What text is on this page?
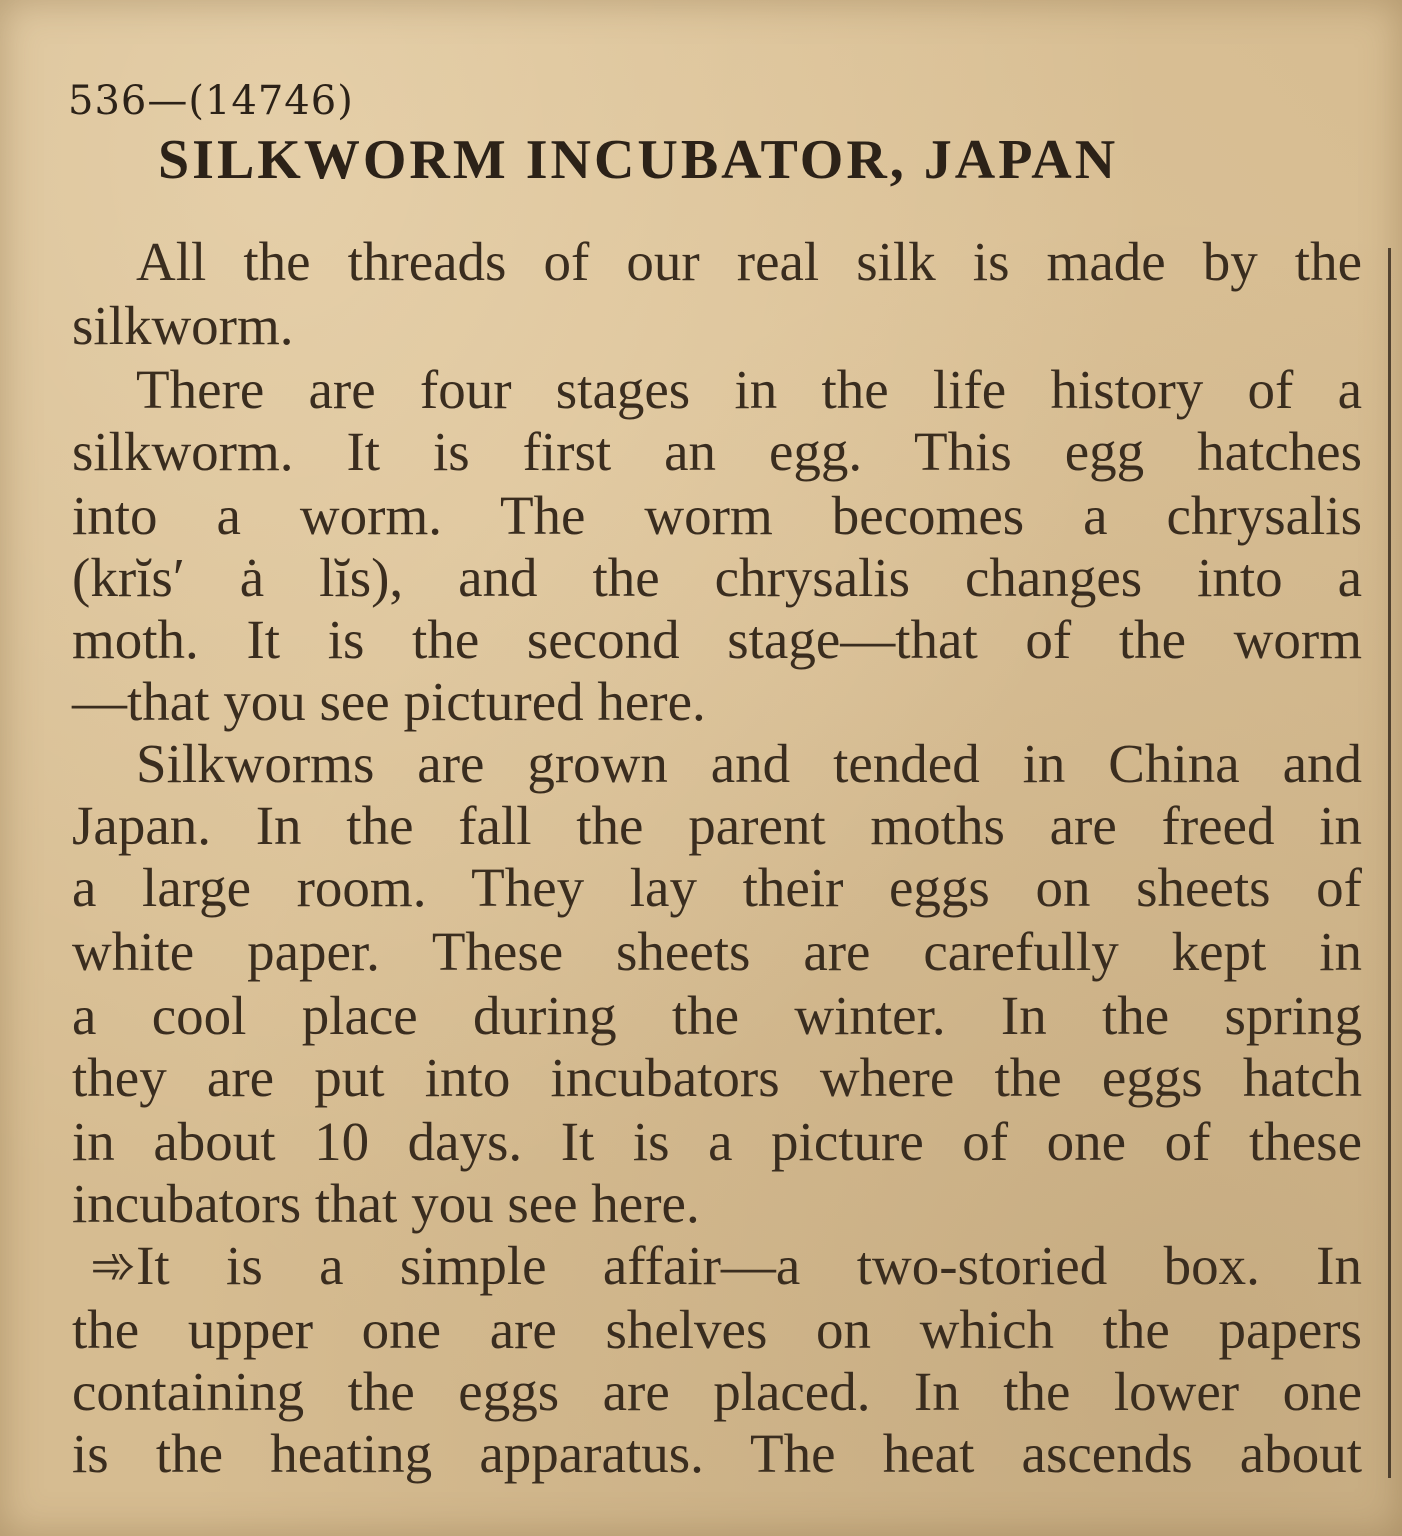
536—(14746)
SILKWORM INCUBATOR, JAPAN
All the threads of our real silk is made by the
silkworm.
There are four stages in the life history of a
silkworm. It is first an egg. This egg hatches
into a worm. The worm becomes a chrysalis
(krĭs′ ȧ lĭs), and the chrysalis changes into a
moth. It is the second stage—that of the worm
—that you see pictured here.
Silkworms are grown and tended in China and
Japan. In the fall the parent moths are freed in
a large room. They lay their eggs on sheets of
white paper. These sheets are carefully kept in
a cool place during the winter. In the spring
they are put into incubators where the eggs hatch
in about 10 days. It is a picture of one of these
incubators that you see here.
➾It is a simple affair—a two-storied box. In
the upper one are shelves on which the papers
containing the eggs are placed. In the lower one
is the heating apparatus. The heat ascends about
